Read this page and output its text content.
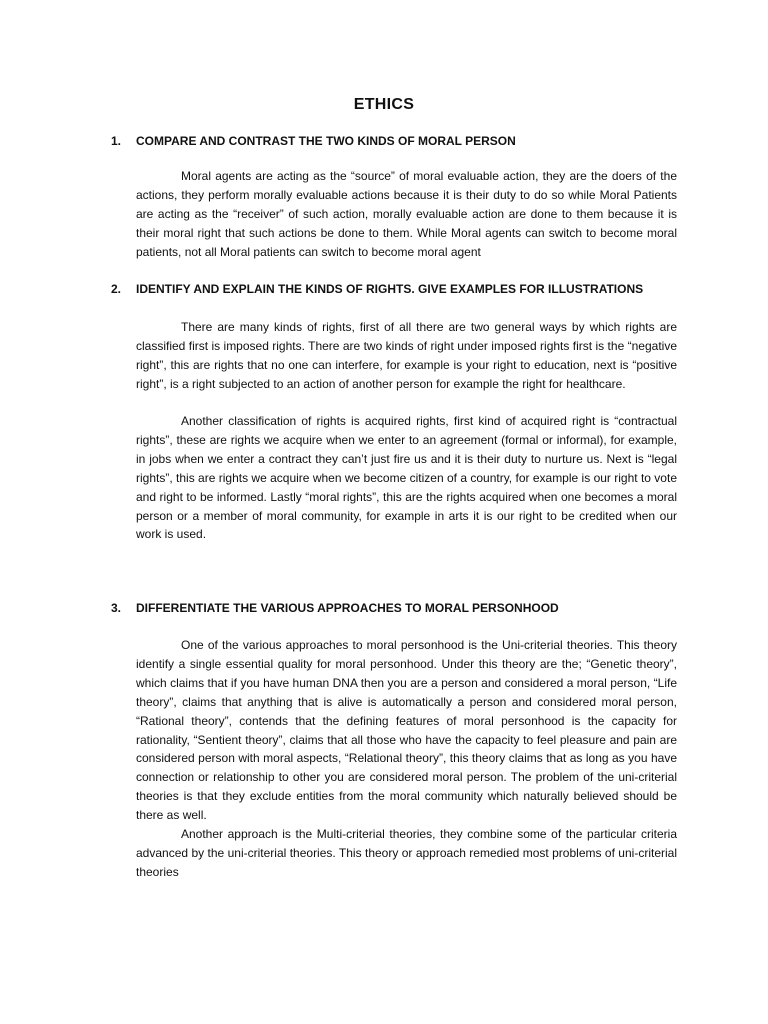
ETHICS
1. COMPARE AND CONTRAST THE TWO KINDS OF MORAL PERSON

Moral agents are acting as the “source” of moral evaluable action, they are the doers of the actions, they perform morally evaluable actions because it is their duty to do so while Moral Patients are acting as the “receiver” of such action, morally evaluable action are done to them because it is their moral right that such actions be done to them. While Moral agents can switch to become moral patients, not all Moral patients can switch to become moral agent

2. IDENTIFY AND EXPLAIN THE KINDS OF RIGHTS. GIVE EXAMPLES FOR ILLUSTRATIONS

There are many kinds of rights, first of all there are two general ways by which rights are classified first is imposed rights. There are two kinds of right under imposed rights first is the “negative right”, this are rights that no one can interfere, for example is your right to education, next is “positive right”, is a right subjected to an action of another person for example the right for healthcare.

Another classification of rights is acquired rights, first kind of acquired right is “contractual rights”, these are rights we acquire when we enter to an agreement (formal or informal), for example, in jobs when we enter a contract they can’t just fire us and it is their duty to nurture us. Next is “legal rights”, this are rights we acquire when we become citizen of a country, for example is our right to vote and right to be informed. Lastly “moral rights”, this are the rights acquired when one becomes a moral person or a member of moral community, for example in arts it is our right to be credited when our work is used.

3. DIFFERENTIATE THE VARIOUS APPROACHES TO MORAL PERSONHOOD

One of the various approaches to moral personhood is the Uni-criterial theories. This theory identify a single essential quality for moral personhood. Under this theory are the; “Genetic theory”, which claims that if you have human DNA then you are a person and considered a moral person, “Life theory”, claims that anything that is alive is automatically a person and considered moral person, “Rational theory”, contends that the defining features of moral personhood is the capacity for rationality, “Sentient theory”, claims that all those who have the capacity to feel pleasure and pain are considered person with moral aspects, “Relational theory”, this theory claims that as long as you have connection or relationship to other you are considered moral person. The problem of the uni-criterial theories is that they exclude entities from the moral community which naturally believed should be there as well.

Another approach is the Multi-criterial theories, they combine some of the particular criteria advanced by the uni-criterial theories. This theory or approach remedied most problems of uni-criterial theories
